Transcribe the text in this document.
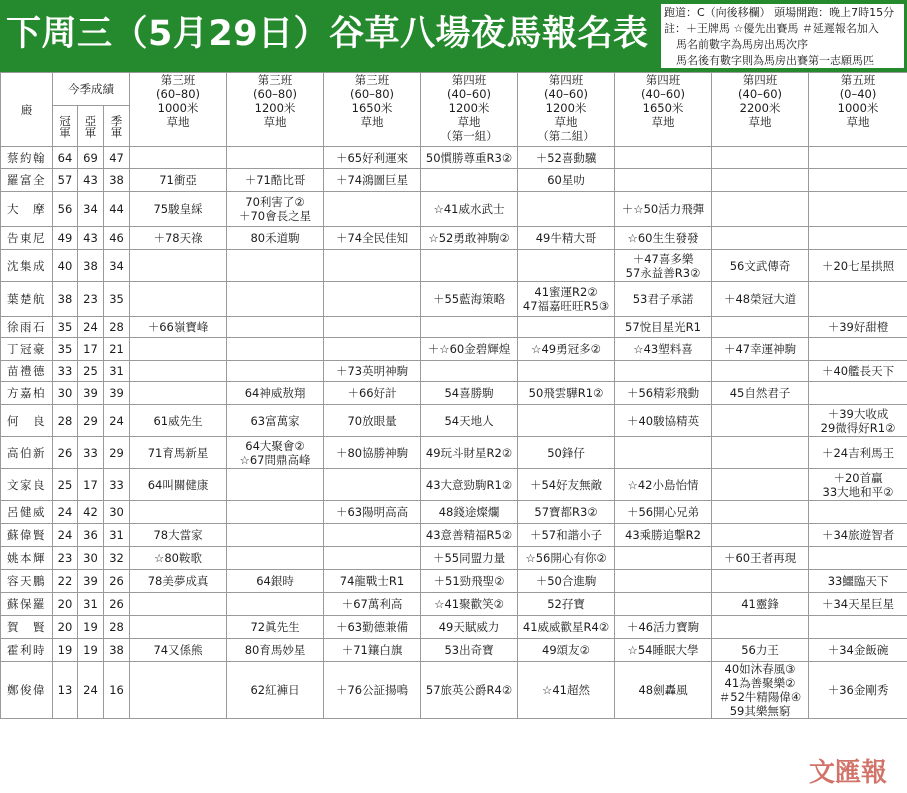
下周三（5月29日）谷草八場夜馬報名表
跑道：C（向後移欄） 頭場開跑：晚上7時15分
註：＋王牌馬 ☆優先出賽馬 ＃延遲報名加入
馬名前數字為馬房出馬次序
馬名後有數字則為馬房出賽第一志願馬匹
廄	今季成績			第三班
(60–80)
1000米
草地	第三班
(60–80)
1200米
草地	第三班
(60–80)
1650米
草地	第四班
(40–60)
1200米
草地
（第一組）	第四班
(40–60)
1200米
草地
（第二組）	第四班
(40–60)
1650米
草地	第四班
(40–60)
2200米
草地	第五班
(0–40)
1000米
草地

	冠軍	亞軍	季軍								
蔡約翰	64	69	47			＋65好利運來	50慣勝尊重R3②	＋52喜動驥			

羅富全	57	43	38	71衝亞	＋71酷比哥	＋74鴻圖巨星		60星叻			

大　摩	56	34	44	75駿皇綵	70利害了②
＋70會長之星		☆41威水武士		＋☆50活力飛彈		

告東尼	49	43	46	＋78天祿	80禾道駒	＋74全民佳知	☆52勇敢神駒②	49牛精大哥	☆60生生發發		

沈集成	40	38	34						＋47喜多樂
57永益善R3②	56文武傳奇	＋20七星拱照

葉楚航	38	23	35				＋55藍海策略	41蜜運R2②
47福嘉旺旺R5③	53君子承諾	＋48榮冠大道	

徐雨石	35	24	28	＋66嶺寶峰					57悅目星光R1		＋39好甜橙

丁冠豪	35	17	21				＋☆60金碧輝煌	☆49勇冠多②	☆43塑料喜	＋47幸運神駒	

苗禮德	33	25	31			＋73英明神駒					＋40艦長天下

方嘉柏	30	39	39		64神威敖翔	＋66好計	54喜勝駒	50飛雲驊R1②	＋56精彩飛動	45自然君子	

何　良	28	29	24	61威先生	63富萬家	70放眼量	54天地人		＋40駿協精英		＋39大收成
29微得好R1②

高伯新	26	33	29	71育馬新星	64大聚會②
☆67問鼎高峰	＋80協勝神駒	49玩斗財星R2②	50鋒仔			＋24吉利馬王

文家良	25	17	33	64叫關健康			43大意勁駒R1②	＋54好友無敵	☆42小島怡情		＋20首贏
33大地和平②

呂健威	24	42	30			＋63陽明高高	48錢途燦爛	57寶都R3②	＋56開心兄弟		

蘇偉賢	24	36	31	78大當家			43意善精福R5②	＋57和諧小子	43乘勝追擊R2		＋34旅遊智者

姚本輝	23	30	32	☆80鞍歌			＋55同盟力量	☆56開心有你②		＋60王者再現	

容天鵬	22	39	26	78美夢成真	64銀時	74龍戰士R1	＋51勁飛聖②	＋50合進駒			33鱷臨天下

蘇保羅	20	31	26			＋67萬利高	☆41聚歡笑②	52孖寶		41靈鋒	＋34天星巨星

賀　賢	20	19	28		72眞先生	＋63勤德兼備	49天賦威力	41威威歡星R4②	＋46活力寶駒		

霍利時	19	19	38	74又係熊	80育馬妙星	＋71鑲白旗	53出奇寶	49頌友②	☆54睡眠大學	56力王	＋34金飯碗

鄭俊偉	13	24	16		62紅褲日	＋76公証揚鳴	57旅英公爵R4②	☆41超然	48劍轟風	40如沐春風③
41為善聚樂②
＃52牛精陽偉④
59其樂無窮	＋36金剛秀
文匯報
